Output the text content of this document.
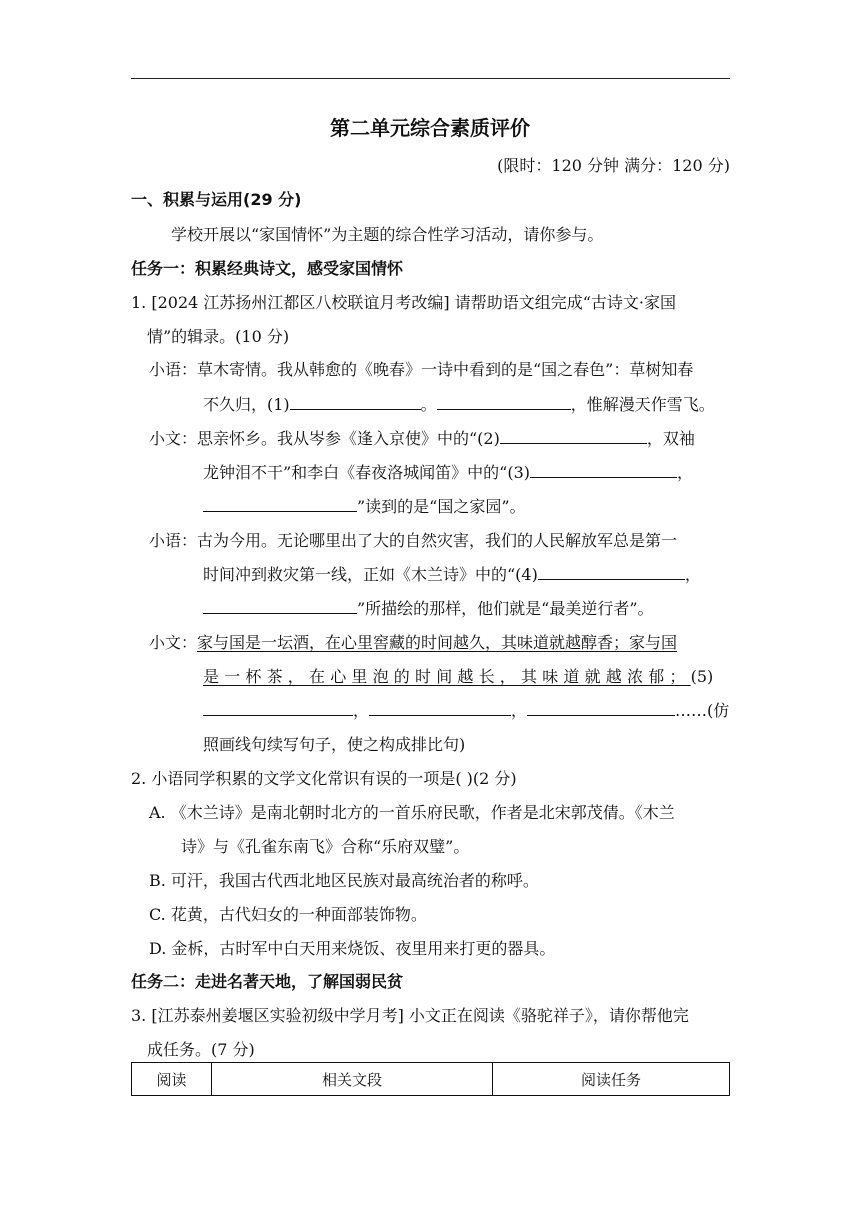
第二单元综合素质评价
(限时：120 分钟 满分：120 分)
一、积累与运用(29 分)
学校开展以“家国情怀”为主题的综合性学习活动，请你参与。
任务一：积累经典诗文，感受家国情怀
1. [2024 江苏扬州江都区八校联谊月考改编] 请帮助语文组完成“古诗文·家国
情”的辑录。(10 分)
小语：草木寄情。我从韩愈的《晚春》一诗中看到的是“国之春色”：草树知春
不久归，(1)	。	，惟解漫天作雪飞。
小文：思亲怀乡。我从岑参《逢入京使》中的“(2)	，双袖
龙钟泪不干”和李白《春夜洛城闻笛》中的“(3)	，
”读到的是“国之家园”。
小语：古为今用。无论哪里出了大的自然灾害，我们的人民解放军总是第一
时间冲到救灾第一线，正如《木兰诗》中的“(4)	，
”所描绘的那样，他们就是“最美逆行者”。
小文：家与国是一坛酒，在心里窖藏的时间越久，其味道就越醇香；家与国
是一杯茶，在心里泡的时间越长，其味道就越浓郁；(5)
，	，	……(仿
照画线句续写句子，使之构成排比句)
2. 小语同学积累的文学文化常识有误的一项是( )(2 分)
A. 《木兰诗》是南北朝时北方的一首乐府民歌，作者是北宋郭茂倩。《木兰
诗》与《孔雀东南飞》合称“乐府双璧”。
B. 可汗，我国古代西北地区民族对最高统治者的称呼。
C. 花黄，古代妇女的一种面部装饰物。
D. 金柝，古时军中白天用来烧饭、夜里用来打更的器具。
任务二：走进名著天地，了解国弱民贫
3. [江苏泰州姜堰区实验初级中学月考] 小文正在阅读《骆驼祥子》，请你帮他完
成任务。(7 分)
阅读	相关文段	阅读任务
